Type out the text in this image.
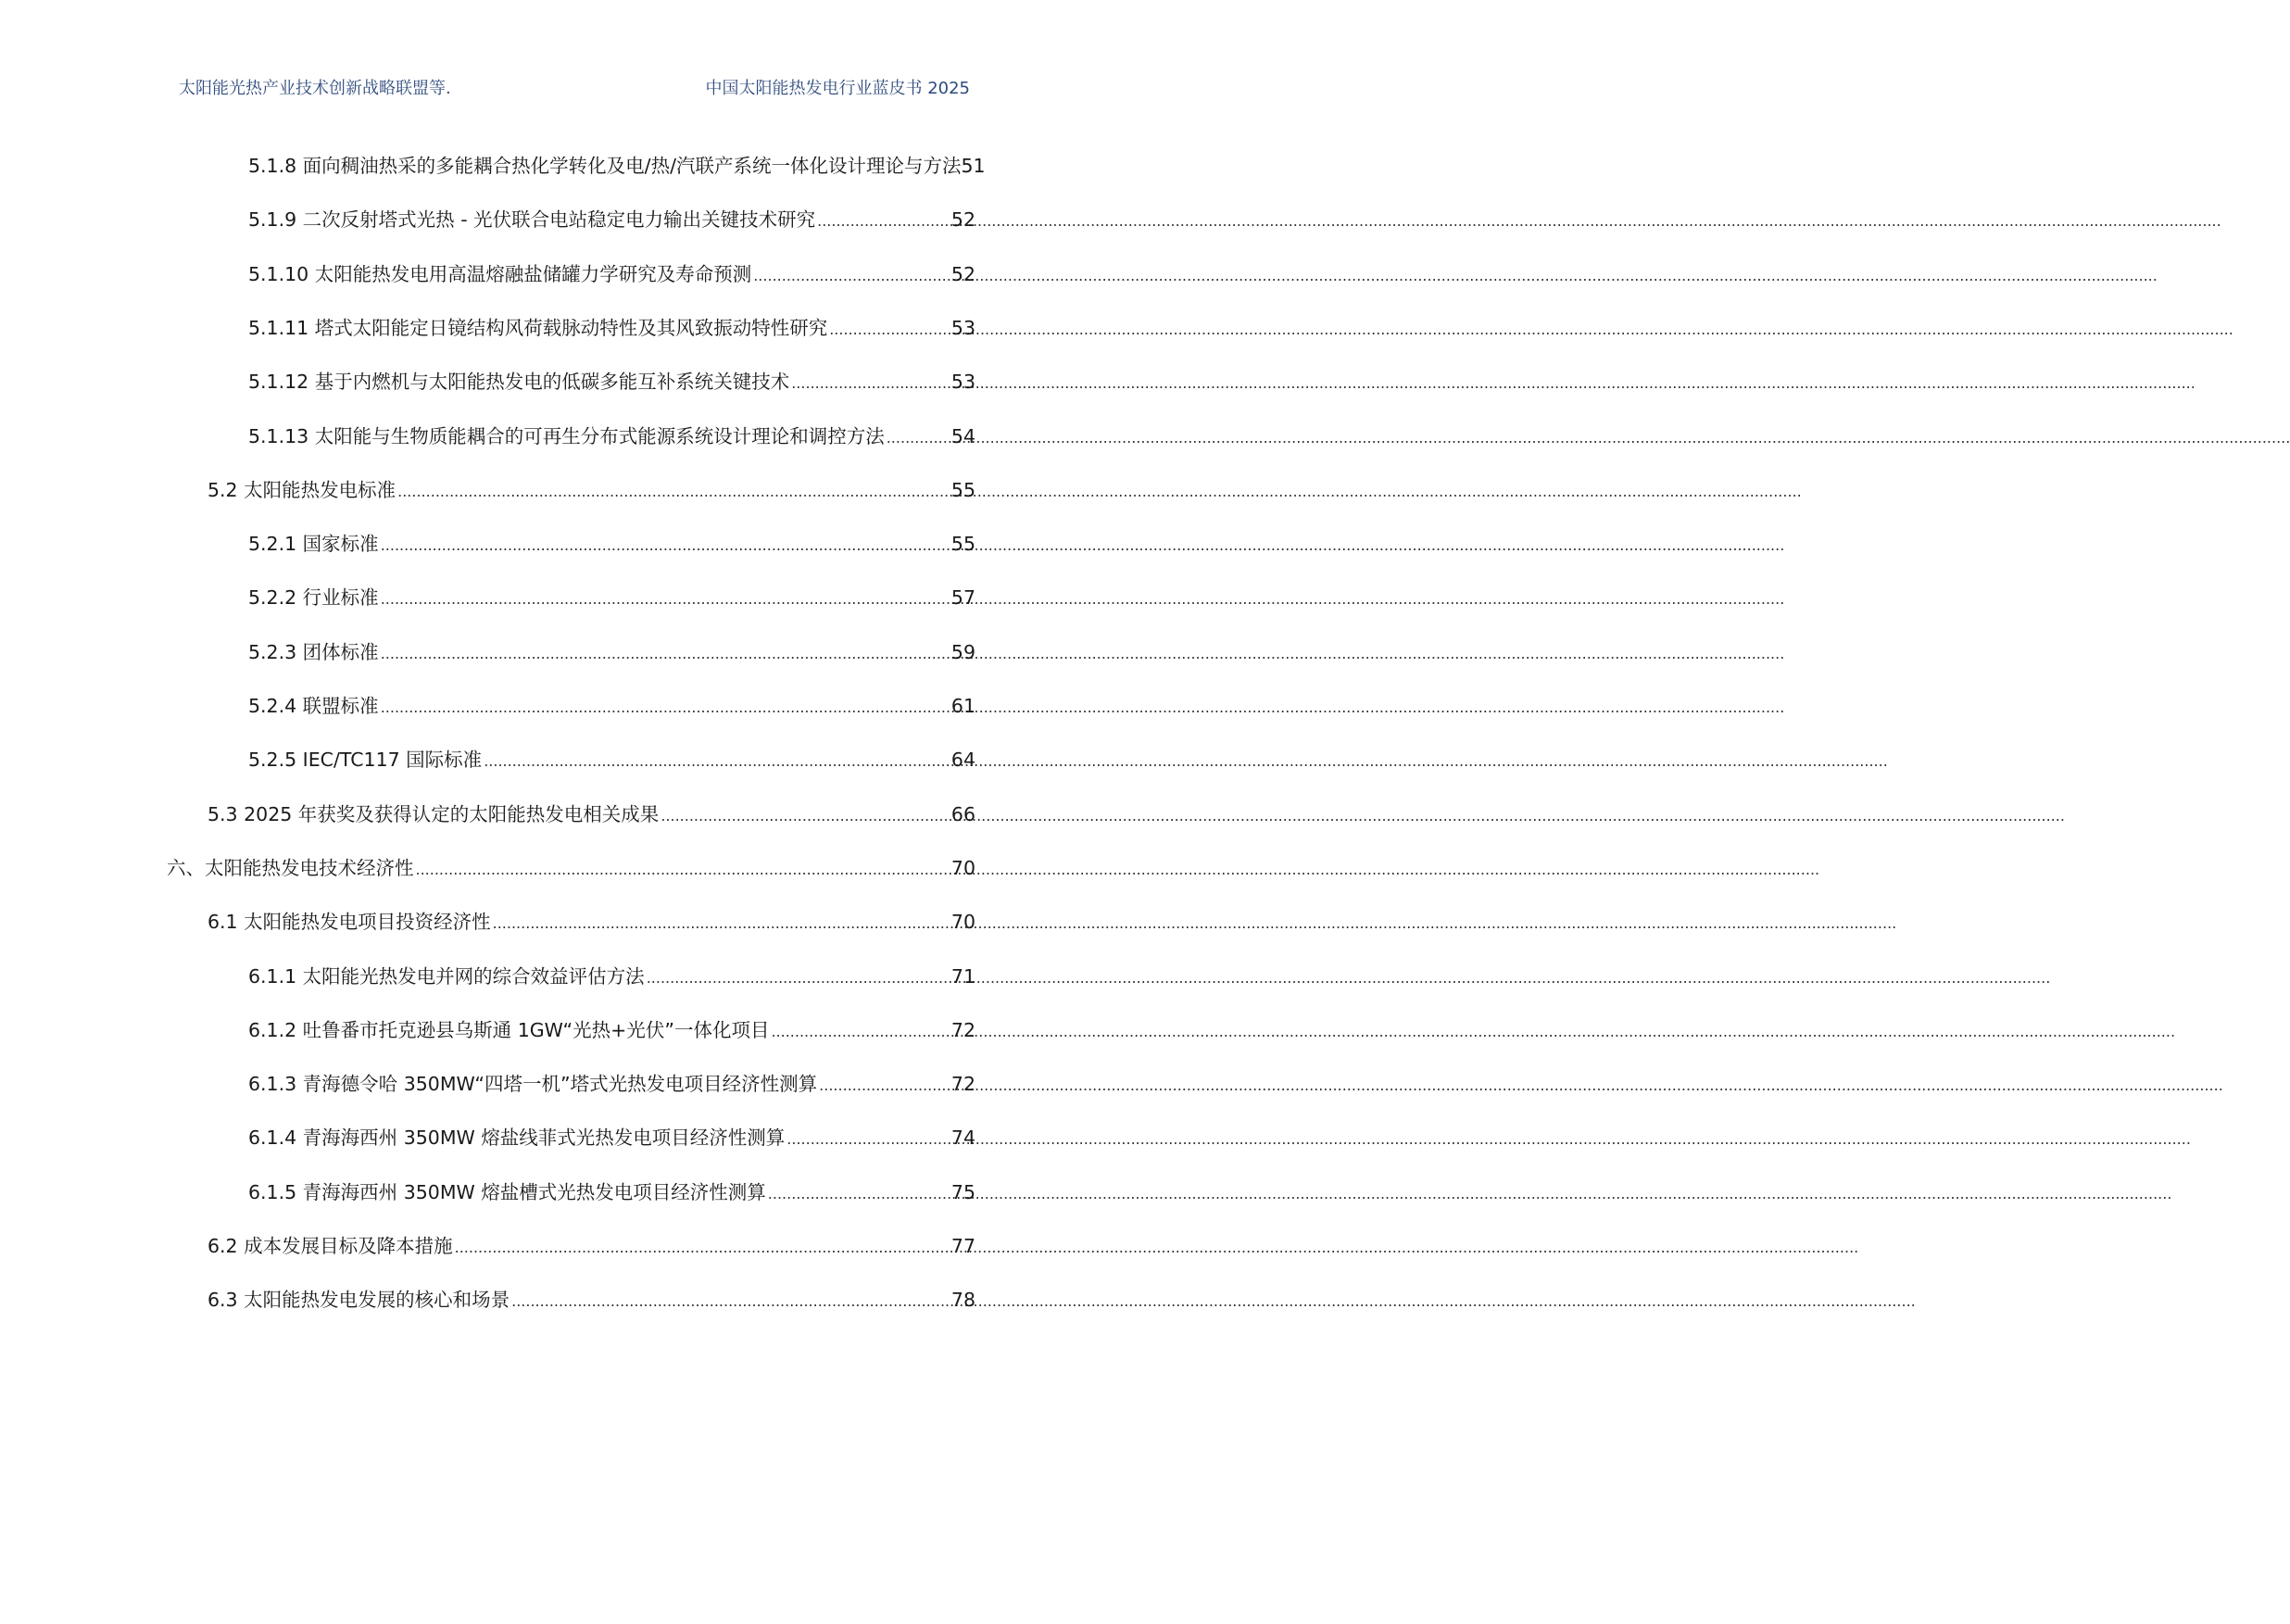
太阳能光热产业技术创新战略联盟等.	中国太阳能热发电行业蓝皮书 2025
5.1.8 面向稠油热采的多能耦合热化学转化及电/热/汽联产系统一体化设计理论与方法 51
5.1.9 二次反射塔式光热 - 光伏联合电站稳定电力输出关键技术研究 .....	52
5.1.10 太阳能热发电用高温熔融盐储罐力学研究及寿命预测 .....	52
5.1.11 塔式太阳能定日镜结构风荷载脉动特性及其风致振动特性研究 .....	53
5.1.12 基于内燃机与太阳能热发电的低碳多能互补系统关键技术 .....	53
5.1.13 太阳能与生物质能耦合的可再生分布式能源系统设计理论和调控方法 .....	54
5.2 太阳能热发电标准 .....	55
5.2.1 国家标准 .....	55
5.2.2 行业标准 .....	57
5.2.3 团体标准 .....	59
5.2.4 联盟标准 .....	61
5.2.5 IEC/TC117 国际标准 .....	64
5.3 2025 年获奖及获得认定的太阳能热发电相关成果 .....	66
六、太阳能热发电技术经济性 .....	70
6.1 太阳能热发电项目投资经济性 .....	70
6.1.1 太阳能光热发电并网的综合效益评估方法 .....	71
6.1.2 吐鲁番市托克逊县乌斯通 1GW“光热+光伏”一体化项目 .....	72
6.1.3 青海德令哈 350MW“四塔一机”塔式光热发电项目经济性测算 .....	72
6.1.4 青海海西州 350MW 熔盐线菲式光热发电项目经济性测算 .....	74
6.1.5 青海海西州 350MW 熔盐槽式光热发电项目经济性测算 .....	75
6.2 成本发展目标及降本措施 .....	77
6.3 太阳能热发电发展的核心和场景 .....	78
